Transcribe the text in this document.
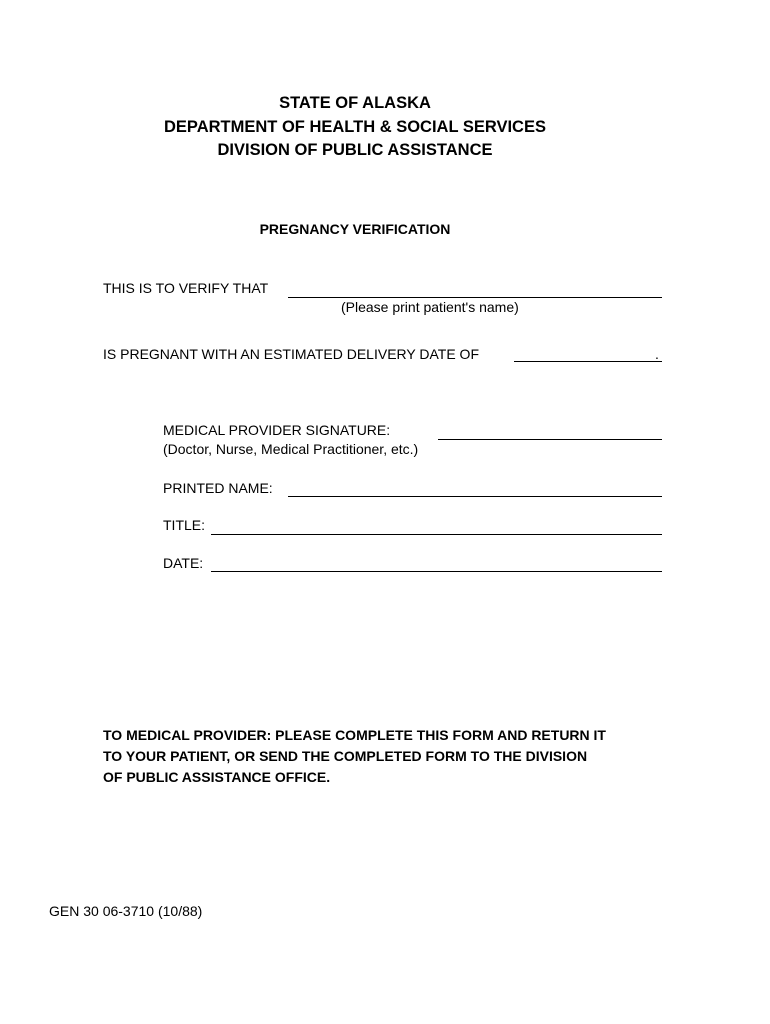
STATE OF ALASKA
DEPARTMENT OF HEALTH & SOCIAL SERVICES
DIVISION OF PUBLIC ASSISTANCE
PREGNANCY VERIFICATION
THIS IS TO VERIFY THAT
(Please print patient's name)
IS PREGNANT WITH AN ESTIMATED DELIVERY DATE OF	.
MEDICAL PROVIDER SIGNATURE:
(Doctor, Nurse, Medical Practitioner, etc.)
PRINTED NAME:
TITLE:
DATE:
TO MEDICAL PROVIDER: PLEASE COMPLETE THIS FORM AND RETURN IT
TO YOUR PATIENT, OR SEND THE COMPLETED FORM TO THE DIVISION
OF PUBLIC ASSISTANCE OFFICE.
GEN 30 06-3710 (10/88)
